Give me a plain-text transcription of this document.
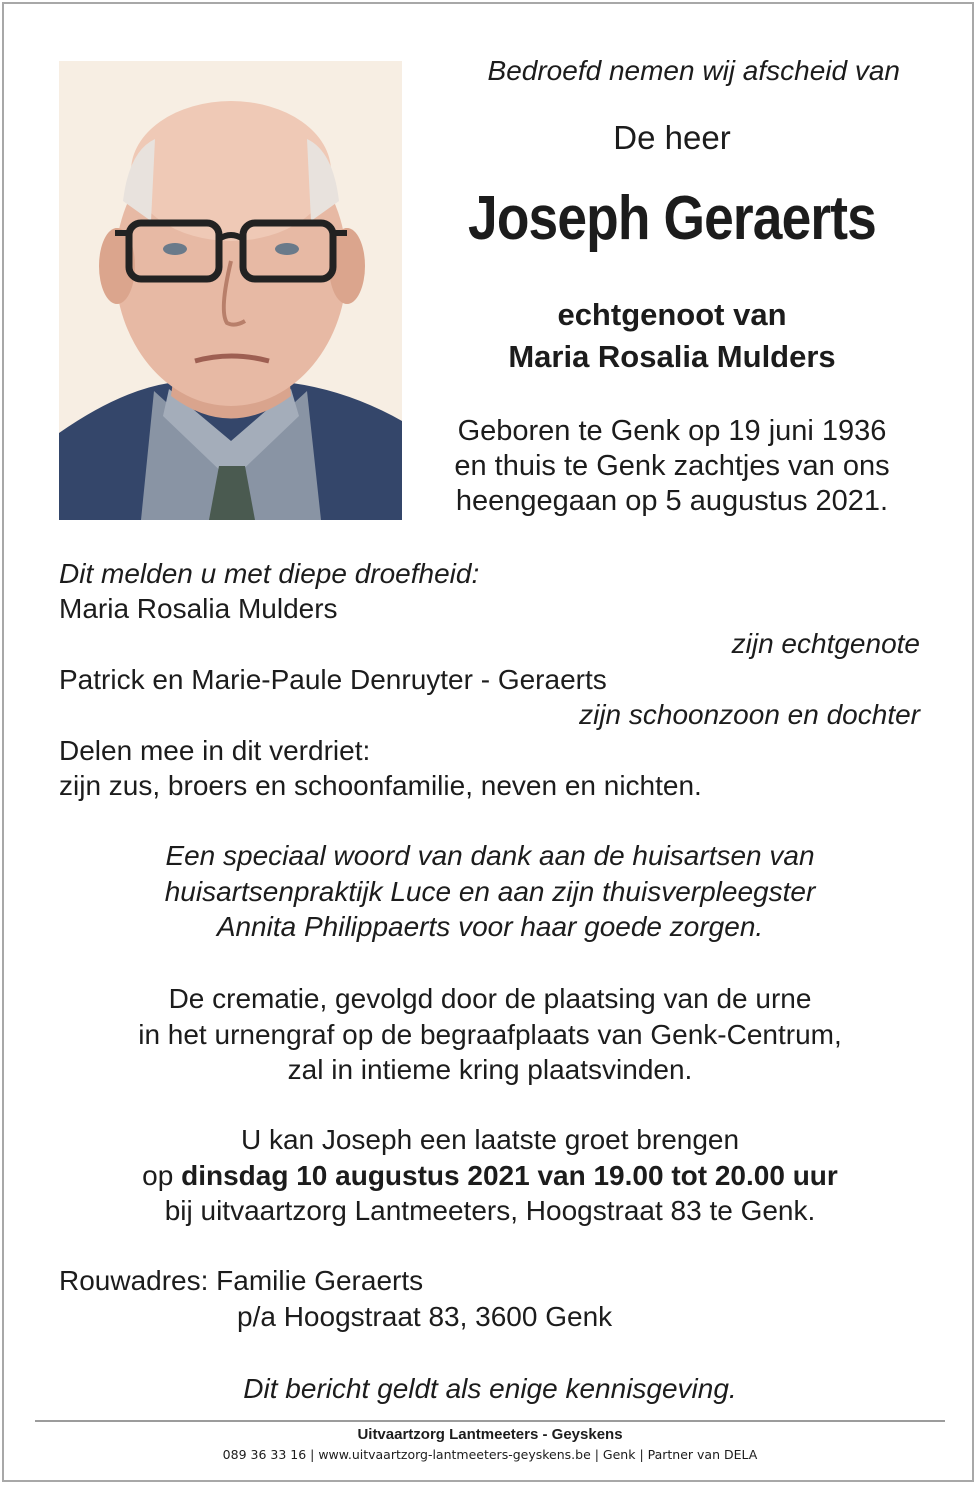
Bedroefd nemen wij afscheid van

De heer

Joseph Geraerts

echtgenoot van

Maria Rosalia Mulders

Geboren te Genk op 19 juni 1936
en thuis te Genk zachtjes van ons
heengegaan op 5 augustus 2021.

Dit melden u met diepe droefheid:

Maria Rosalia Mulders

zijn echtgenote

Patrick en Marie-Paule Denruyter - Geraerts

zijn schoonzoon en dochter

Delen mee in dit verdriet:

zijn zus, broers en schoonfamilie, neven en nichten.

Een speciaal woord van dank aan de huisartsen van
huisartsenpraktijk Luce en aan zijn thuisverpleegster
Annita Philippaerts voor haar goede zorgen.
De crematie, gevolgd door de plaatsing van de urne
in het urnengraf op de begraafplaats van Genk-Centrum,
zal in intieme kring plaatsvinden.
U kan Joseph een laatste groet brengen
op dinsdag 10 augustus 2021 van 19.00 tot 20.00 uur
bij uitvaartzorg Lantmeeters, Hoogstraat 83 te Genk.

Rouwadres: Familie Geraerts

p/a Hoogstraat 83, 3600 Genk

Dit bericht geldt als enige kennisgeving.

Uitvaartzorg Lantmeeters - Geyskens

089 36 33 16 | www.uitvaartzorg-lantmeeters-geyskens.be | Genk | Partner van DELA
